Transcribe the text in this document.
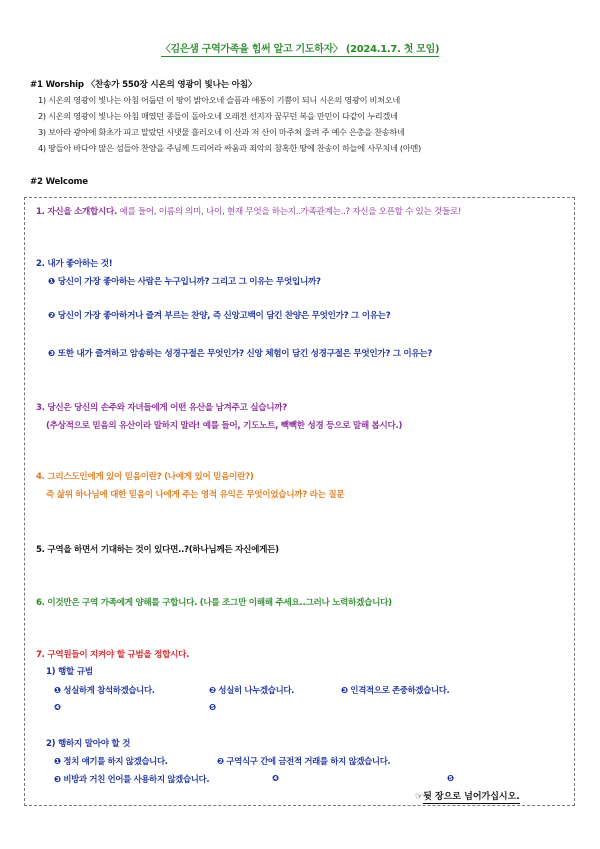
〈김은샘 구역가족을 힘써 알고 기도하자〉 (2024.1.7. 첫 모임)
#1 Worship 〈찬송가 550장 시온의 영광이 빛나는 아침〉
1) 시온의 영광이 빛나는 아침 어둡던 이 땅이 밝아오네 슬픔과 애통이 기쁨이 되니 시온의 영광이 비쳐오네
2) 시온의 영광이 빛나는 아침 매였던 종들이 돌아오네 오래전 선지자 꿈꾸던 복을 만민이 다같이 누리겠네
3) 보아라 광야에 화초가 피고 말랐던 시냇물 흘러오네 이 산과 저 산이 마주쳐 울려 주 예수 은총을 찬송하네
4) 땅들아 바다야 많은 섬들아 찬양을 주님께 드리어라 싸움과 죄악의 참혹한 땅에 찬송이 하늘에 사무치네 (아멘)
#2 Welcome
1. 자신을 소개합시다. 예를 들어, 이름의 의미, 나이, 현재 무엇을 하는지..가족관계는..? 자신을 오픈할 수 있는 것들로!
2. 내가 좋아하는 것!
❶ 당신이 가장 좋아하는 사람은 누구입니까? 그리고 그 이유는 무엇입니까?
❷ 당신이 가장 좋아하거나 즐겨 부르는 찬양, 즉 신앙고백이 담긴 찬양은 무엇인가? 그 이유는?
❸ 또한 내가 즐겨하고 암송하는 성경구절은 무엇인가? 신앙 체험이 담긴 성경구절은 무엇인가? 그 이유는?
3. 당신은 당신의 손주와 자녀들에게 어떤 유산을 남겨주고 싶습니까?
(추상적으로 믿음의 유산이라 말하지 말라! 예를 들어, 기도노트, 빽빽한 성경 등으로 말해 봅시다.)
4. 그리스도인에게 있어 믿음이란? (나에게 있어 믿음이란?)
즉 삶위 하나님에 대한 믿음이 나에게 주는 영적 유익은 무엇이었습니까? 라는 질문
5. 구역을 하면서 기대하는 것이 있다면..?(하나님께든 자신에게든)
6. 이것만은 구역 가족에게 양해를 구합니다. (나를 조그만 이해해 주세요..그러나 노력하겠습니다)
7. 구역원들이 지켜야 할 규범을 정합시다.
1) 행할 규범
❶ 성실하게 참석하겠습니다.	❷ 성실히 나누겠습니다.	❸ 인격적으로 존중하겠습니다.
❹	❺
2) 행하지 말아야 할 것
❶ 정치 얘기를 하지 않겠습니다.	❷ 구역식구 간에 금전적 거래를 하지 않겠습니다.
❸ 비방과 거친 언어를 사용하지 않겠습니다.	❹	❺
☞뒷 장으로 넘어가십시오.
